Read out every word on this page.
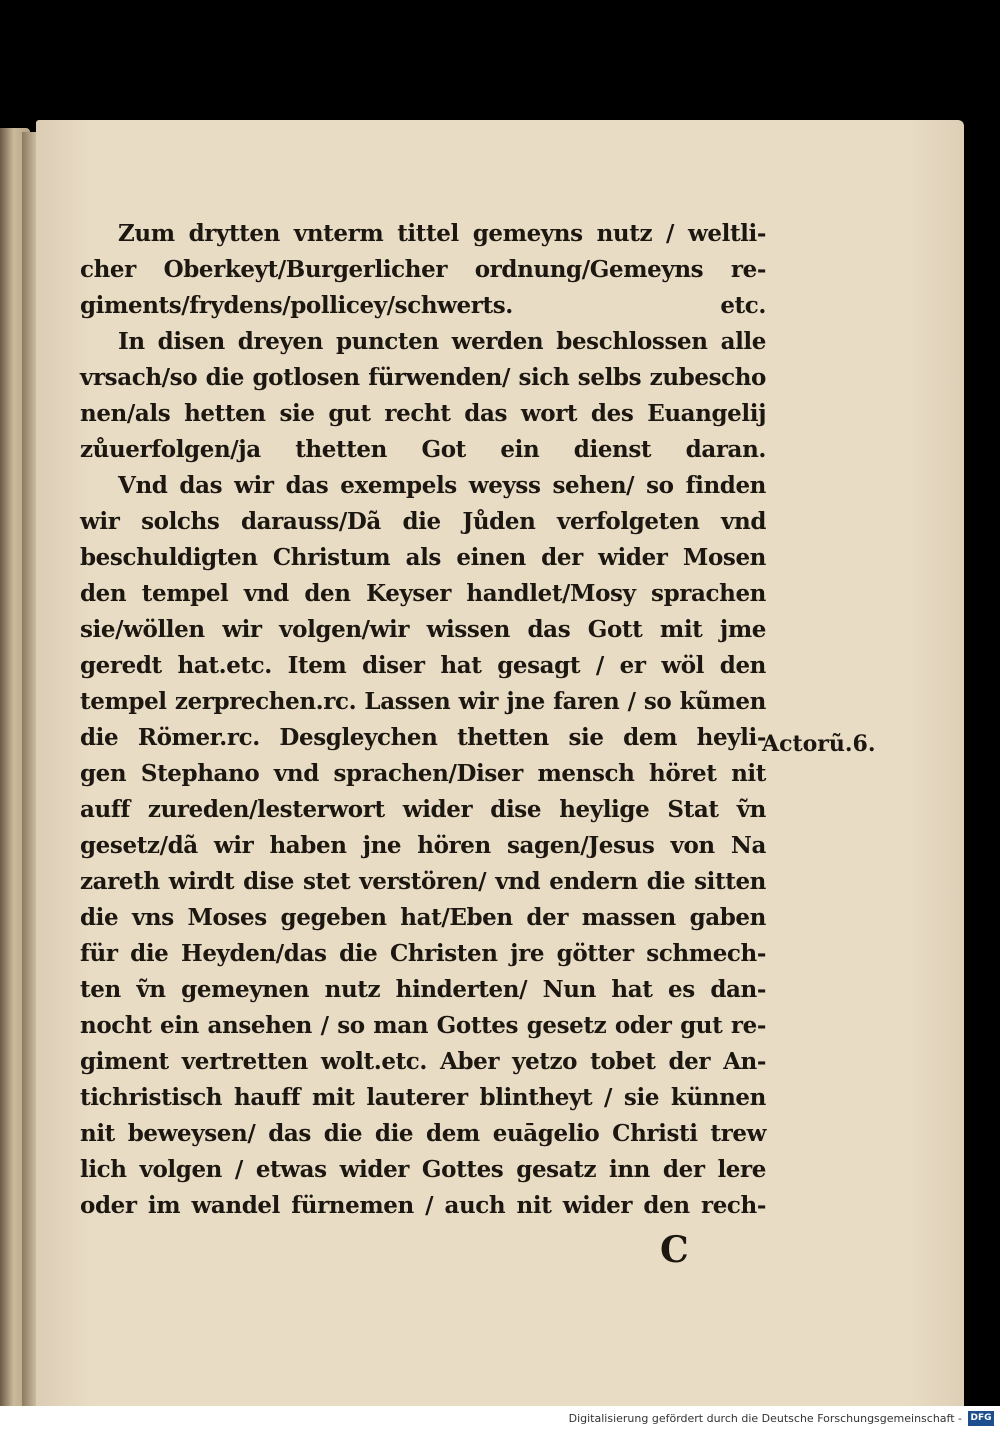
Zum drytten vnterm tittel gemeyns nutz / weltli‑
cher Oberkeyt/Burgerlicher ordnung/Gemeyns re‑
giments/frydens/pollicey/schwerts. etc.
In disen dreyen puncten werden beschlossen alle
vrsach/so die gotlosen fürwenden/ sich selbs zubescho
nen/als hetten sie gut recht das wort des Euangelij
zůuerfolgen/ja thetten Got ein dienst daran.
Vnd das wir das exempels weyss sehen/ so finden
wir solchs darauss/Dã die Jůden verfolgeten vnd
beschuldigten Christum als einen der wider Mosen
den tempel vnd den Keyser handlet/Mosy sprachen
sie/wöllen wir volgen/wir wissen das Gott mit jme
geredt hat.etc. Item diser hat gesagt / er wöl den
tempel zerprechen.rc. Lassen wir jne faren / so kũmen
die Römer.rc. Desgleychen thetten sie dem heyli‑
gen Stephano vnd sprachen/Diser mensch höret nit
auff zureden/lesterwort wider dise heylige Stat ṽn
gesetz/dã wir haben jne hören sagen/Jesus von Na
zareth wirdt dise stet verstören/ vnd endern die sitten
die vns Moses gegeben hat/Eben der massen gaben
für die Heyden/das die Christen jre götter schmech‑
ten ṽn gemeynen nutz hinderten/ Nun hat es dan‑
nocht ein ansehen / so man Gottes gesetz oder gut re‑
giment vertretten wolt.etc. Aber yetzo tobet der An‑
tichristisch hauff mit lauterer blintheyt / sie künnen
nit beweysen/ das die die dem euāgelio Christi trew
lich volgen / etwas wider Gottes gesatz inn der lere
oder im wandel fürnemen / auch nit wider den rech‑
Actorũ.6.
C
Digitalisierung gefördert durch die Deutsche Forschungsgemeinschaft - DFG
